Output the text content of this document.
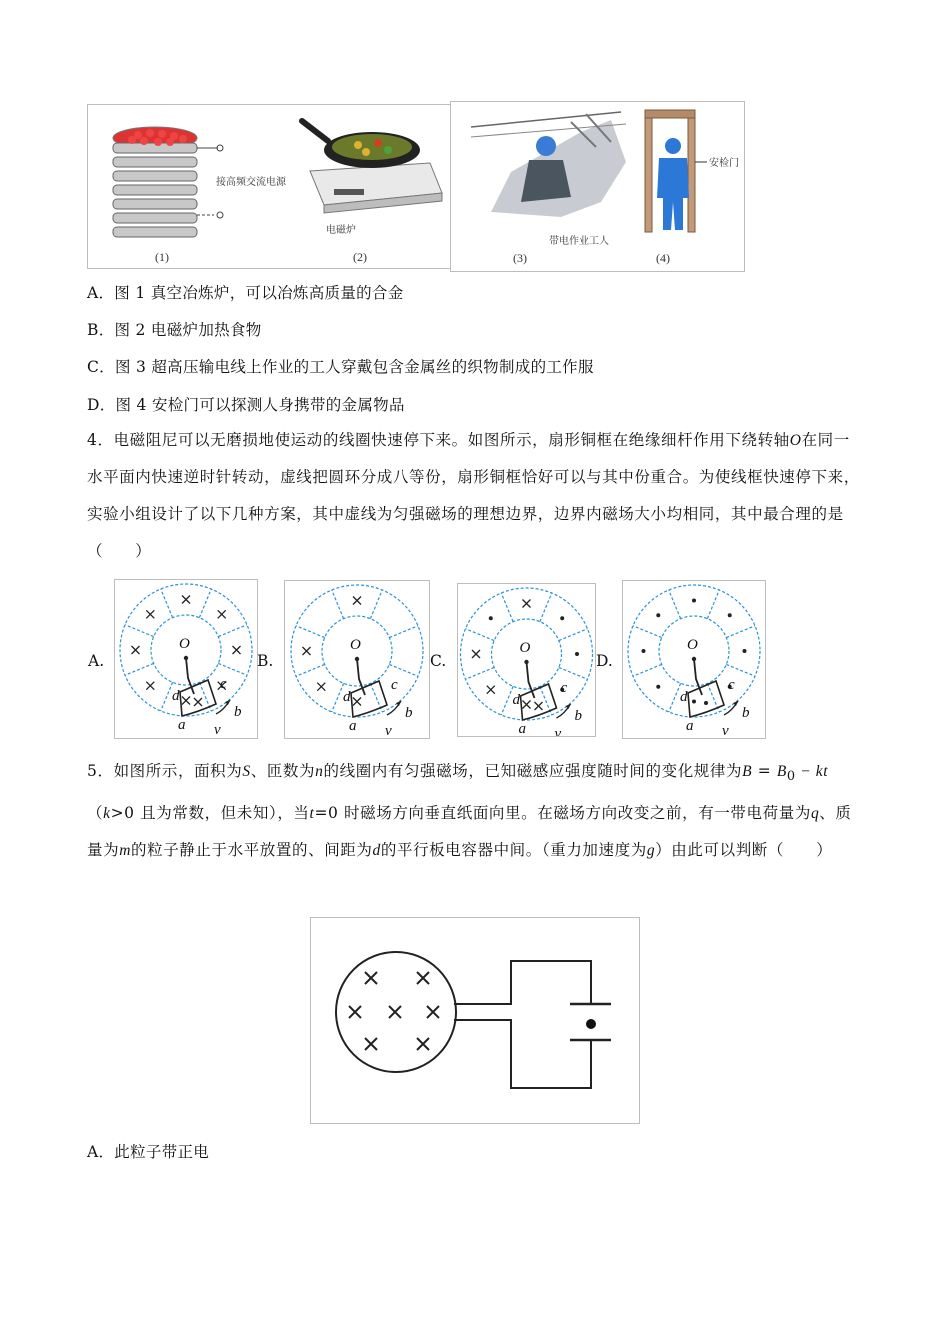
接高频交流电源
电磁炉
(1)	(2)
带电作业工人
安检门
(3)	(4)
A．图 1 真空冶炼炉，可以冶炼高质量的合金
B．图 2 电磁炉加热食物
C．图 3 超高压输电线上作业的工人穿戴包含金属丝的织物制成的工作服
D．图 4 安检门可以探测人身携带的金属物品
4．电磁阻尼可以无磨损地使运动的线圈快速停下来。如图所示，扇形铜框在绝缘细杆作用下绕转轴O在同一水平面内快速逆时针转动，虚线把圆环分成八等份，扇形铜框恰好可以与其中份重合。为使线框快速停下来，实验小组设计了以下几种方案，其中虚线为匀强磁场的理想边界，边界内磁场大小均相同，其中最合理的是（　　）
A.
O
d
c
b
a v
B.
O
d
c
b
a v
C.
O
d
c
b
a v
D.
O
d
c
b
a v
5．如图所示，面积为S、匝数为n的线圈内有匀强磁场，已知磁感应强度随时间的变化规律为$B = B_0$ − kt
（k>0 且为常数，但未知），当t=0 时磁场方向垂直纸面向里。在磁场方向改变之前，有一带电荷量为q、质量为m的粒子静止于水平放置的、间距为d的平行板电容器中间。（重力加速度为g）由此可以判断（　　）
A．此粒子带正电
